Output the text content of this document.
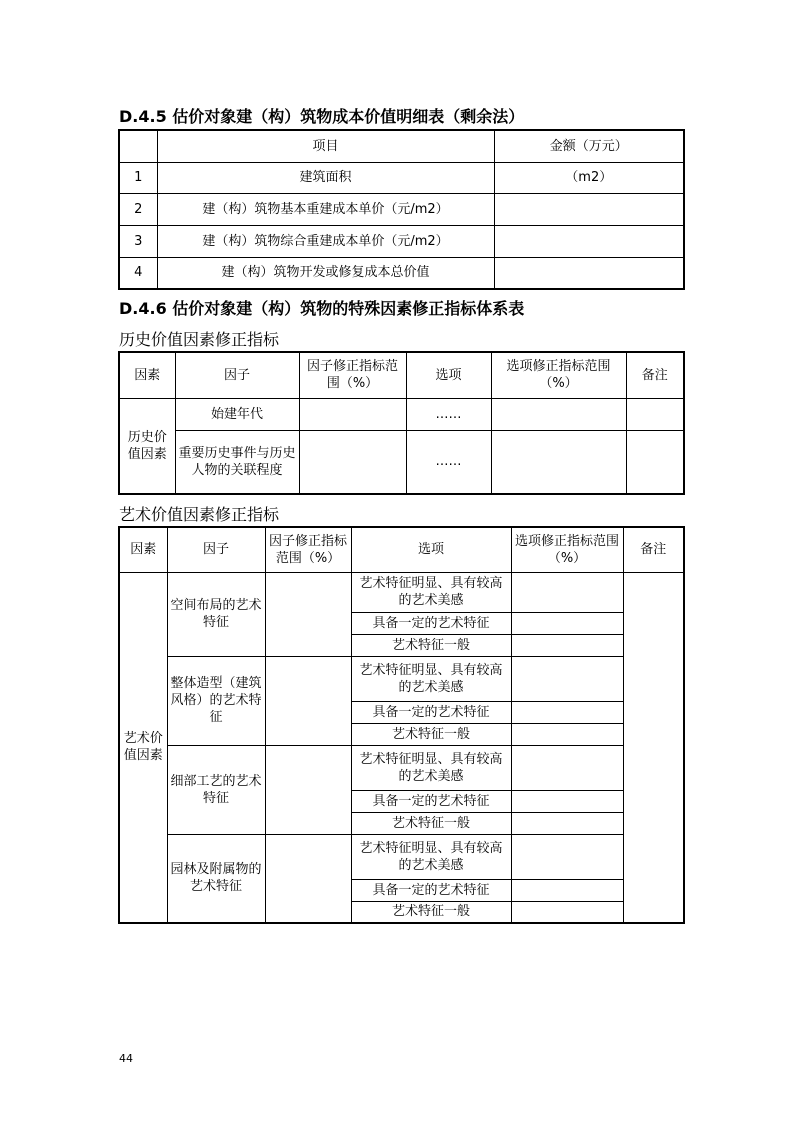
D.4.5 估价对象建（构）筑物成本价值明细表（剩余法）
	项目	金额（万元）
1	建筑面积	（m2）
2	建（构）筑物基本重建成本单价（元/m2）	
3	建（构）筑物综合重建成本单价（元/m2）	
4	建（构）筑物开发或修复成本总价值	
D.4.6 估价对象建（构）筑物的特殊因素修正指标体系表
历史价值因素修正指标
因素	因子	因子修正指标范围（%）	选项	选项修正指标范围（%）	备注
历史价值因素	始建年代		……		
	重要历史事件与历史人物的关联程度		……		
艺术价值因素修正指标
因素	因子	因子修正指标范围（%）	选项	选项修正指标范围（%）	备注
艺术价值因素	空间布局的艺术特征		艺术特征明显、具有较高的艺术美感		
			具备一定的艺术特征		
			艺术特征一般		
	整体造型（建筑风格）的艺术特征		艺术特征明显、具有较高的艺术美感		
			具备一定的艺术特征		
			艺术特征一般		
	细部工艺的艺术特征		艺术特征明显、具有较高的艺术美感		
			具备一定的艺术特征		
			艺术特征一般		
	园林及附属物的艺术特征		艺术特征明显、具有较高的艺术美感		
			具备一定的艺术特征		
			艺术特征一般		
44
